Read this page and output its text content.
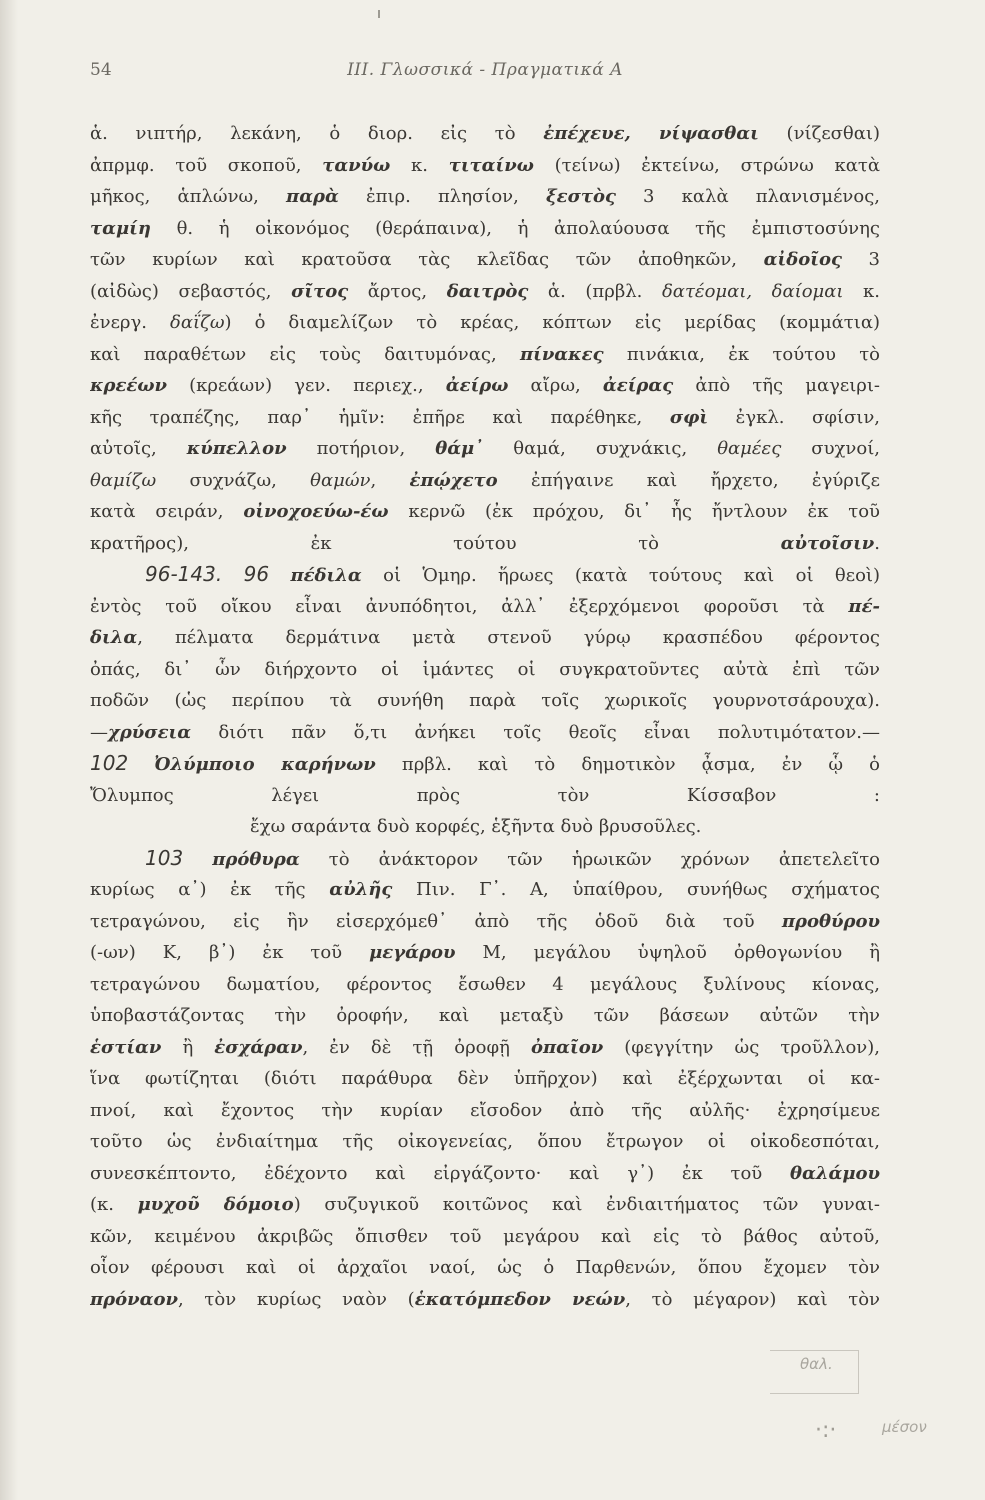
54	III. Γλωσσικά - Πραγματικά Α
ἁ. νιπτήρ, λεκάνη, ὁ διορ. εἰς τὸ ἐπέχευε, νίψασθαι (νίζεσθαι)
ἀπρμφ. τοῦ σκοποῦ, τανύω κ. τιταίνω (τείνω) ἐκτείνω, στρώνω κατὰ
μῆκος, ἁπλώνω, παρὰ ἐπιρ. πλησίον, ξεστὸς 3 καλὰ πλανισμένος,
ταμίη θ. ἡ οἰκονόμος (θεράπαινα), ἡ ἀπολαύουσα τῆς ἐμπιστοσύνης
τῶν κυρίων καὶ κρατοῦσα τὰς κλεῖδας τῶν ἀποθηκῶν, αἰδοῖος 3
(αἰδὼς) σεβαστός, σῖτος ἄρτος, δαιτρὸς ἁ. (πρβλ. δατέομαι, δαίομαι κ.
ἐνεργ. δαΐζω) ὁ διαμελίζων τὸ κρέας, κόπτων εἰς μερίδας (κομμάτια)
καὶ παραθέτων εἰς τοὺς δαιτυμόνας, πίνακες πινάκια, ἐκ τούτου τὸ
κρεέων (κρεάων) γεν. περιεχ., ἀείρω αἴρω, ἀείρας ἀπὸ τῆς μαγειρι-
κῆς τραπέζης, παρ᾽ ἡμῖν: ἐπῆρε καὶ παρέθηκε, σφὶ ἐγκλ. σφίσιν,
αὐτοῖς, κύπελλον ποτήριον, θάμ᾽ θαμά, συχνάκις, θαμέες συχνοί,
θαμίζω συχνάζω, θαμών, ἐπῴχετο ἐπήγαινε καὶ ἤρχετο, ἐγύριζε
κατὰ σειράν, οἰνοχοεύω-έω κερνῶ (ἐκ πρόχου, δι᾽ ἧς ἤντλουν ἐκ τοῦ
κρατῆρος), ἐκ τούτου τὸ αὐτοῖσιν.
96-143. 96 πέδιλα οἱ Ὁμηρ. ἥρωες (κατὰ τούτους καὶ οἱ θεοὶ)
ἐντὸς τοῦ οἴκου εἶναι ἀνυπόδητοι, ἀλλ᾽ ἐξερχόμενοι φοροῦσι τὰ πέ-
διλα, πέλματα δερμάτινα μετὰ στενοῦ γύρῳ κρασπέδου φέροντος
ὀπάς, δι᾽ ὧν διήρχοντο οἱ ἱμάντες οἱ συγκρατοῦντες αὐτὰ ἐπὶ τῶν
ποδῶν (ὡς περίπου τὰ συνήθη παρὰ τοῖς χωρικοῖς γουρνοτσάρουχα).
—χρύσεια διότι πᾶν ὅ,τι ἀνήκει τοῖς θεοῖς εἶναι πολυτιμότατον.—
102 Ὀλύμποιο καρήνων πρβλ. καὶ τὸ δημοτικὸν ᾆσμα, ἐν ᾧ ὁ
Ὄλυμπος λέγει πρὸς τὸν Κίσσαβον :
ἔχω σαράντα δυὸ κορφές, ἑξῆντα δυὸ βρυσοῦλες.
103 πρόθυρα τὸ ἀνάκτορον τῶν ἡρωικῶν χρόνων ἀπετελεῖτο
κυρίως α᾽) ἐκ τῆς αὐλῆς Πιν. Γ᾽. Α, ὑπαίθρου, συνήθως σχήματος
τετραγώνου, εἰς ἣν εἰσερχόμεθ᾽ ἀπὸ τῆς ὁδοῦ διὰ τοῦ προθύρου
(-ων) Κ, β᾽) ἐκ τοῦ μεγάρου Μ, μεγάλου ὑψηλοῦ ὀρθογωνίου ἢ
τετραγώνου δωματίου, φέροντος ἔσωθεν 4 μεγάλους ξυλίνους κίονας,
ὑποβαστάζοντας τὴν ὀροφήν, καὶ μεταξὺ τῶν βάσεων αὐτῶν τὴν
ἑστίαν ἢ ἐσχάραν, ἐν δὲ τῇ ὀροφῇ ὀπαῖον (φεγγίτην ὡς τροῦλλον),
ἵνα φωτίζηται (διότι παράθυρα δὲν ὑπῆρχον) καὶ ἐξέρχωνται οἱ κα-
πνοί, καὶ ἔχοντος τὴν κυρίαν εἴσοδον ἀπὸ τῆς αὐλῆς· ἐχρησίμευε
τοῦτο ὡς ἐνδιαίτημα τῆς οἰκογενείας, ὅπου ἔτρωγον οἱ οἰκοδεσπόται,
συνεσκέπτοντο, ἐδέχοντο καὶ εἰργάζοντο· καὶ γ᾽) ἐκ τοῦ θαλάμου
(κ. μυχοῦ δόμοιο) συζυγικοῦ κοιτῶνος καὶ ἐνδιαιτήματος τῶν γυναι-
κῶν, κειμένου ἀκριβῶς ὄπισθεν τοῦ μεγάρου καὶ εἰς τὸ βάθος αὐτοῦ,
οἷον φέρουσι καὶ οἱ ἀρχαῖοι ναοί, ὡς ὁ Παρθενών, ὅπου ἔχομεν τὸν
πρόναον, τὸν κυρίως ναὸν (ἑκατόμπεδον νεών, τὸ μέγαρον) καὶ τὸν
θαλ.
·:·	μέσον
